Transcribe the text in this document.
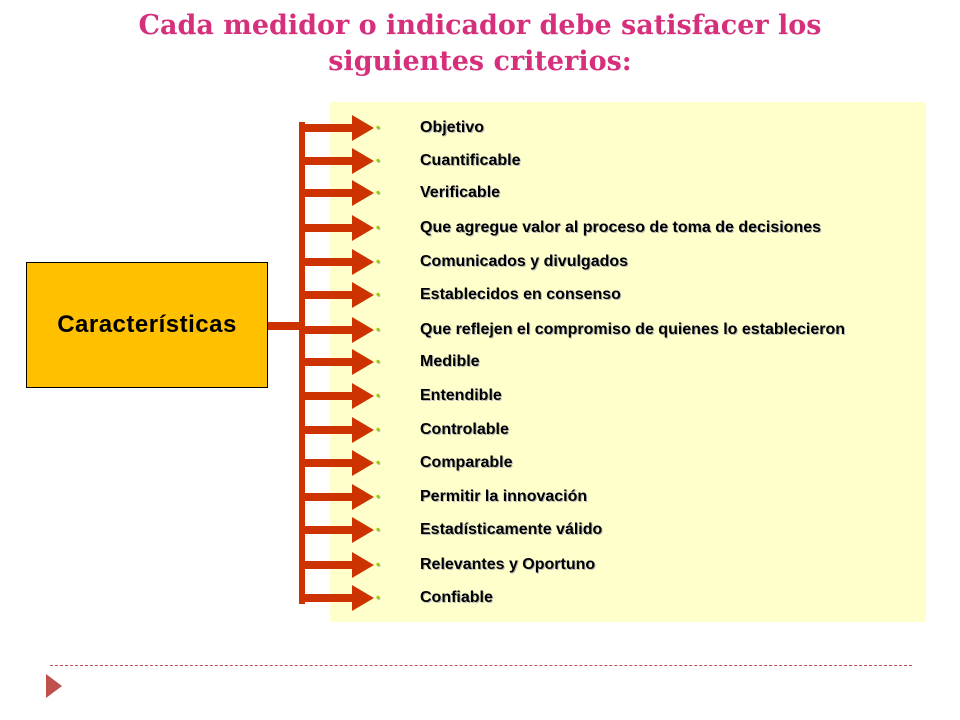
Cada medidor o indicador debe satisfacer los
siguientes criterios:
Características
•	Objetivo
•	Cuantificable
•	Verificable
•	Que agregue valor al proceso de toma de decisiones
•	Comunicados y divulgados
•	Establecidos en consenso
•	Que reflejen el compromiso de quienes lo establecieron
•	Medible
•	Entendible
•	Controlable
•	Comparable
•	Permitir la innovación
•	Estadísticamente válido
•	Relevantes y Oportuno
•	Confiable
